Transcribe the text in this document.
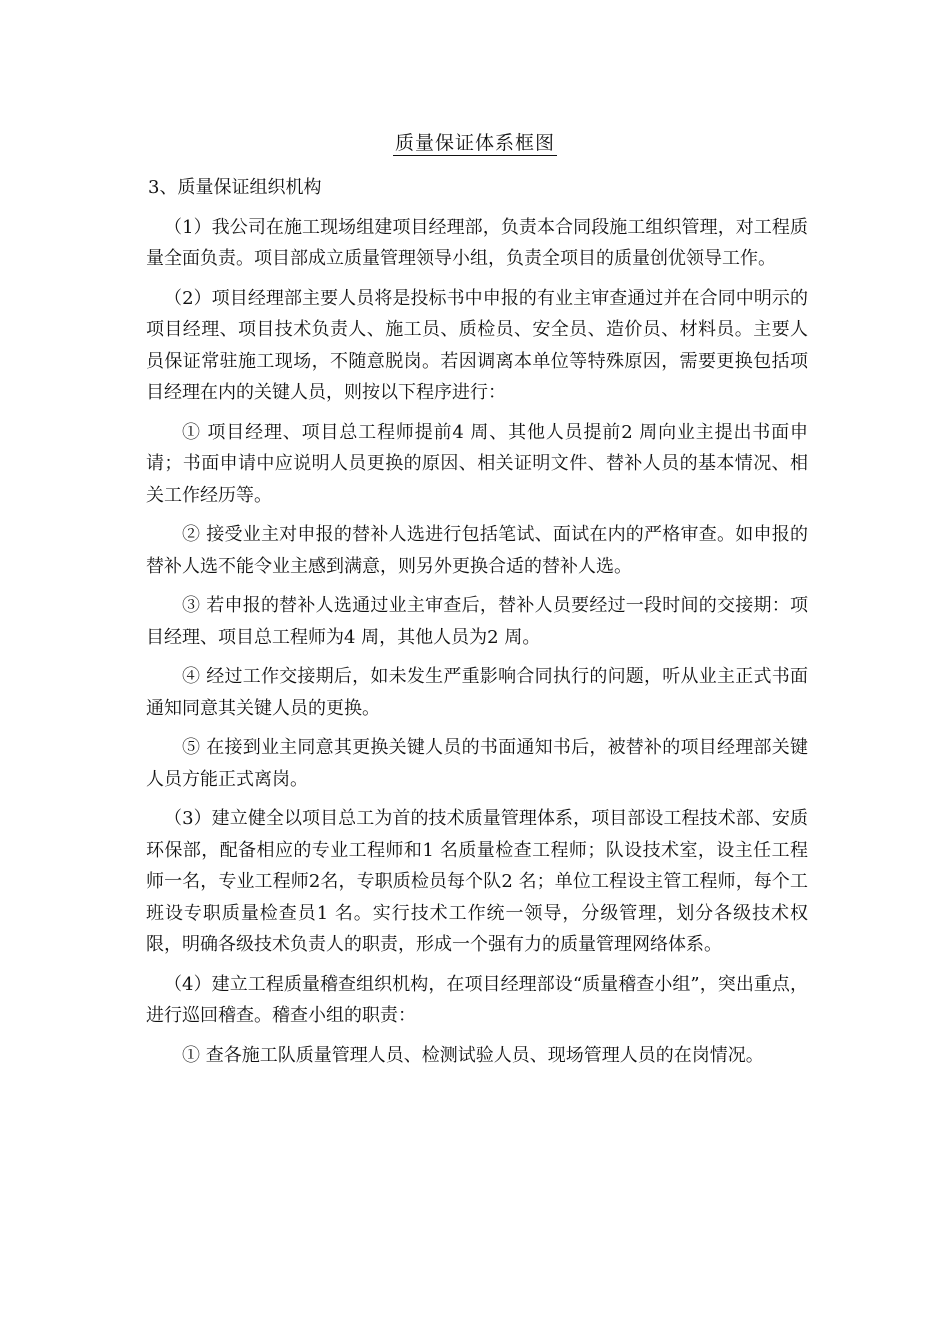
质量保证体系框图

3、质量保证组织机构

（1）我公司在施工现场组建项目经理部，负责本合同段施工组织管理，对工程质量全面负责。项目部成立质量管理领导小组，负责全项目的质量创优领导工作。

（2）项目经理部主要人员将是投标书中申报的有业主审查通过并在合同中明示的项目经理、项目技术负责人、施工员、质检员、安全员、造价员、材料员。主要人员保证常驻施工现场，不随意脱岗。若因调离本单位等特殊原因，需要更换包括项目经理在内的关键人员，则按以下程序进行：

① 项目经理、项目总工程师提前4 周、其他人员提前2 周向业主提出书面申请；书面申请中应说明人员更换的原因、相关证明文件、替补人员的基本情况、相关工作经历等。

② 接受业主对申报的替补人选进行包括笔试、面试在内的严格审查。如申报的替补人选不能令业主感到满意，则另外更换合适的替补人选。

③ 若申报的替补人选通过业主审查后，替补人员要经过一段时间的交接期：项目经理、项目总工程师为4 周，其他人员为2 周。

④ 经过工作交接期后，如未发生严重影响合同执行的问题，听从业主正式书面通知同意其关键人员的更换。

⑤ 在接到业主同意其更换关键人员的书面通知书后，被替补的项目经理部关键人员方能正式离岗。

（3）建立健全以项目总工为首的技术质量管理体系，项目部设工程技术部、安质环保部，配备相应的专业工程师和1 名质量检查工程师；队设技术室，设主任工程师一名，专业工程师2名，专职质检员每个队2 名；单位工程设主管工程师，每个工班设专职质量检查员1 名。实行技术工作统一领导，分级管理，划分各级技术权限，明确各级技术负责人的职责，形成一个强有力的质量管理网络体系。

（4）建立工程质量稽查组织机构，在项目经理部设“质量稽查小组”，突出重点，进行巡回稽查。稽查小组的职责：

① 查各施工队质量管理人员、检测试验人员、现场管理人员的在岗情况。
